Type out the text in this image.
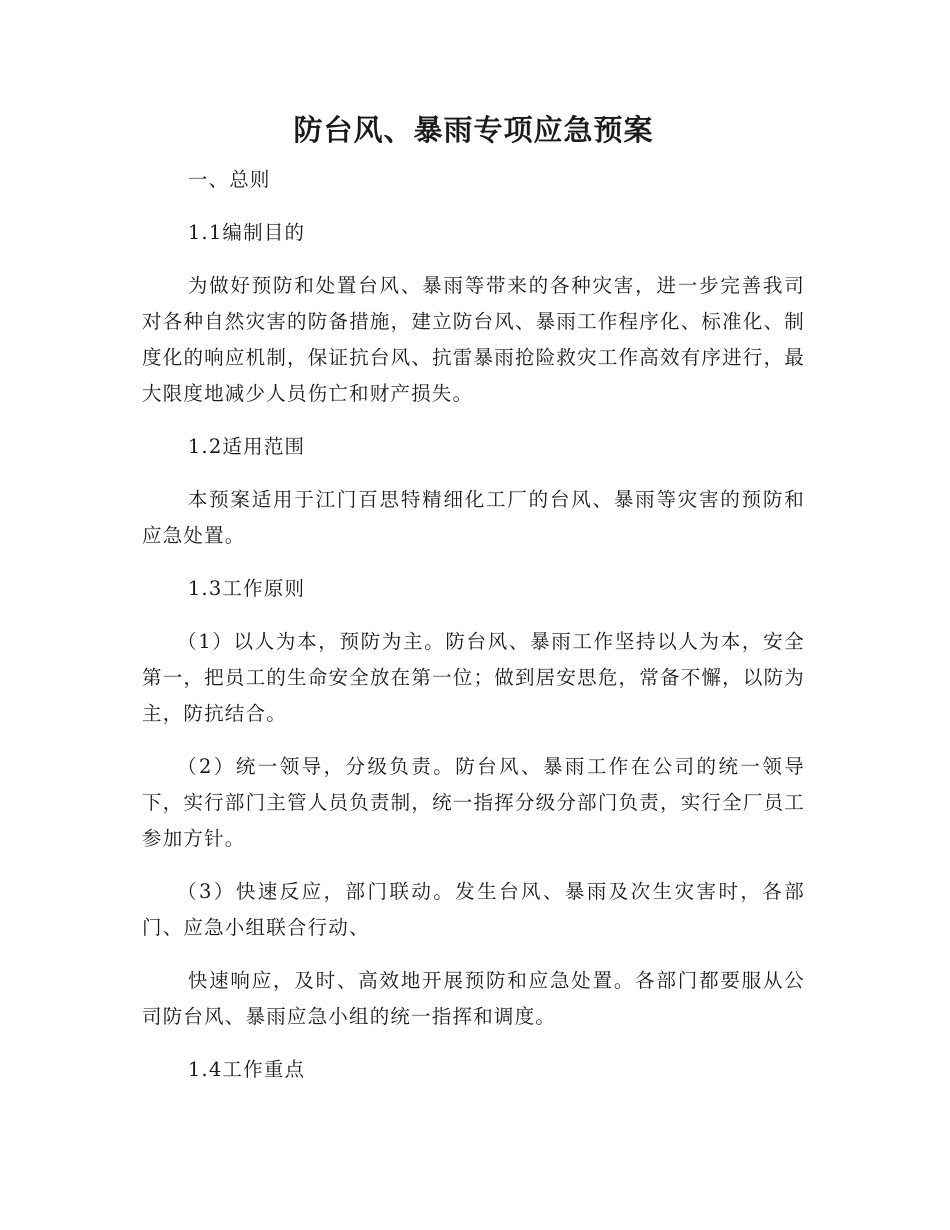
防台风、暴雨专项应急预案

一、总则

1.1编制目的

为做好预防和处置台风、暴雨等带来的各种灾害，进一步完善我司对各种自然灾害的防备措施，建立防台风、暴雨工作程序化、标准化、制度化的响应机制，保证抗台风、抗雷暴雨抢险救灾工作高效有序进行，最大限度地减少人员伤亡和财产损失。

1.2适用范围

本预案适用于江门百思特精细化工厂的台风、暴雨等灾害的预防和应急处置。

1.3工作原则

（1）以人为本，预防为主。防台风、暴雨工作坚持以人为本，安全第一，把员工的生命安全放在第一位；做到居安思危，常备不懈，以防为主，防抗结合。

（2）统一领导，分级负责。防台风、暴雨工作在公司的统一领导下，实行部门主管人员负责制，统一指挥分级分部门负责，实行全厂员工参加方针。

（3）快速反应，部门联动。发生台风、暴雨及次生灾害时，各部门、应急小组联合行动、

快速响应，及时、高效地开展预防和应急处置。各部门都要服从公司防台风、暴雨应急小组的统一指挥和调度。

1.4工作重点
